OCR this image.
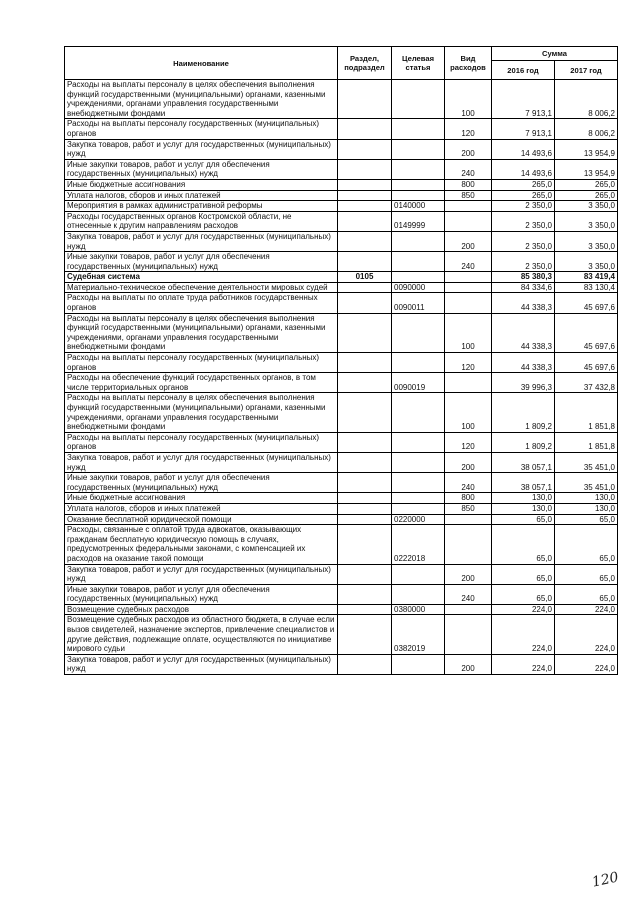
Наименование	Раздел, подраздел	Целевая статья	Вид расходов	Сумма	
				2016 год	2017 год
Расходы на выплаты персоналу в целях обеспечения выполнения функций государственными (муниципальными) органами, казенными учреждениями, органами управления государственными внебюджетными фондами			100	7 913,1	8 006,2
Расходы на выплаты персоналу государственных (муниципальных) органов			120	7 913,1	8 006,2
Закупка товаров, работ и услуг для государственных (муниципальных) нужд			200	14 493,6	13 954,9
Иные закупки товаров, работ и услуг для обеспечения государственных (муниципальных) нужд			240	14 493,6	13 954,9
Иные бюджетные ассигнования			800	265,0	265,0
Уплата налогов, сборов и иных платежей			850	265,0	265,0
Мероприятия в рамках административной реформы		0140000		2 350,0	3 350,0
Расходы государственных органов Костромской области, не отнесенные к другим направлениям расходов		0149999		2 350,0	3 350,0
Закупка товаров, работ и услуг для государственных (муниципальных) нужд			200	2 350,0	3 350,0
Иные закупки товаров, работ и услуг для обеспечения государственных (муниципальных) нужд			240	2 350,0	3 350,0
Судебная система	0105			85 380,3	83 419,4
Материально-техническое обеспечение деятельности мировых судей		0090000		84 334,6	83 130,4
Расходы на выплаты по оплате труда работников государственных органов		0090011		44 338,3	45 697,6
Расходы на выплаты персоналу в целях обеспечения выполнения функций государственными (муниципальными) органами, казенными учреждениями, органами управления государственными внебюджетными фондами			100	44 338,3	45 697,6
Расходы на выплаты персоналу государственных (муниципальных) органов			120	44 338,3	45 697,6
Расходы на обеспечение функций государственных органов, в том числе территориальных органов		0090019		39 996,3	37 432,8
Расходы на выплаты персоналу в целях обеспечения выполнения функций государственными (муниципальными) органами, казенными учреждениями, органами управления государственными внебюджетными фондами			100	1 809,2	1 851,8
Расходы на выплаты персоналу государственных (муниципальных) органов			120	1 809,2	1 851,8
Закупка товаров, работ и услуг для государственных (муниципальных) нужд			200	38 057,1	35 451,0
Иные закупки товаров, работ и услуг для обеспечения государственных (муниципальных) нужд			240	38 057,1	35 451,0
Иные бюджетные ассигнования			800	130,0	130,0
Уплата налогов, сборов и иных платежей			850	130,0	130,0
Оказание бесплатной юридической помощи		0220000		65,0	65,0
Расходы, связанные с оплатой труда адвокатов, оказывающих гражданам бесплатную юридическую помощь в случаях, предусмотренных федеральными законами, с компенсацией их расходов на оказание такой помощи		0222018		65,0	65,0
Закупка товаров, работ и услуг для государственных (муниципальных) нужд			200	65,0	65,0
Иные закупки товаров, работ и услуг для обеспечения государственных (муниципальных) нужд			240	65,0	65,0
Возмещение судебных расходов		0380000		224,0	224,0
Возмещение судебных расходов из областного бюджета, в случае если вызов свидетелей, назначение экспертов, привлечение специалистов и другие действия, подлежащие оплате, осуществляются по инициативе мирового судьи		0382019		224,0	224,0
Закупка товаров, работ и услуг для государственных (муниципальных) нужд			200	224,0	224,0
120
